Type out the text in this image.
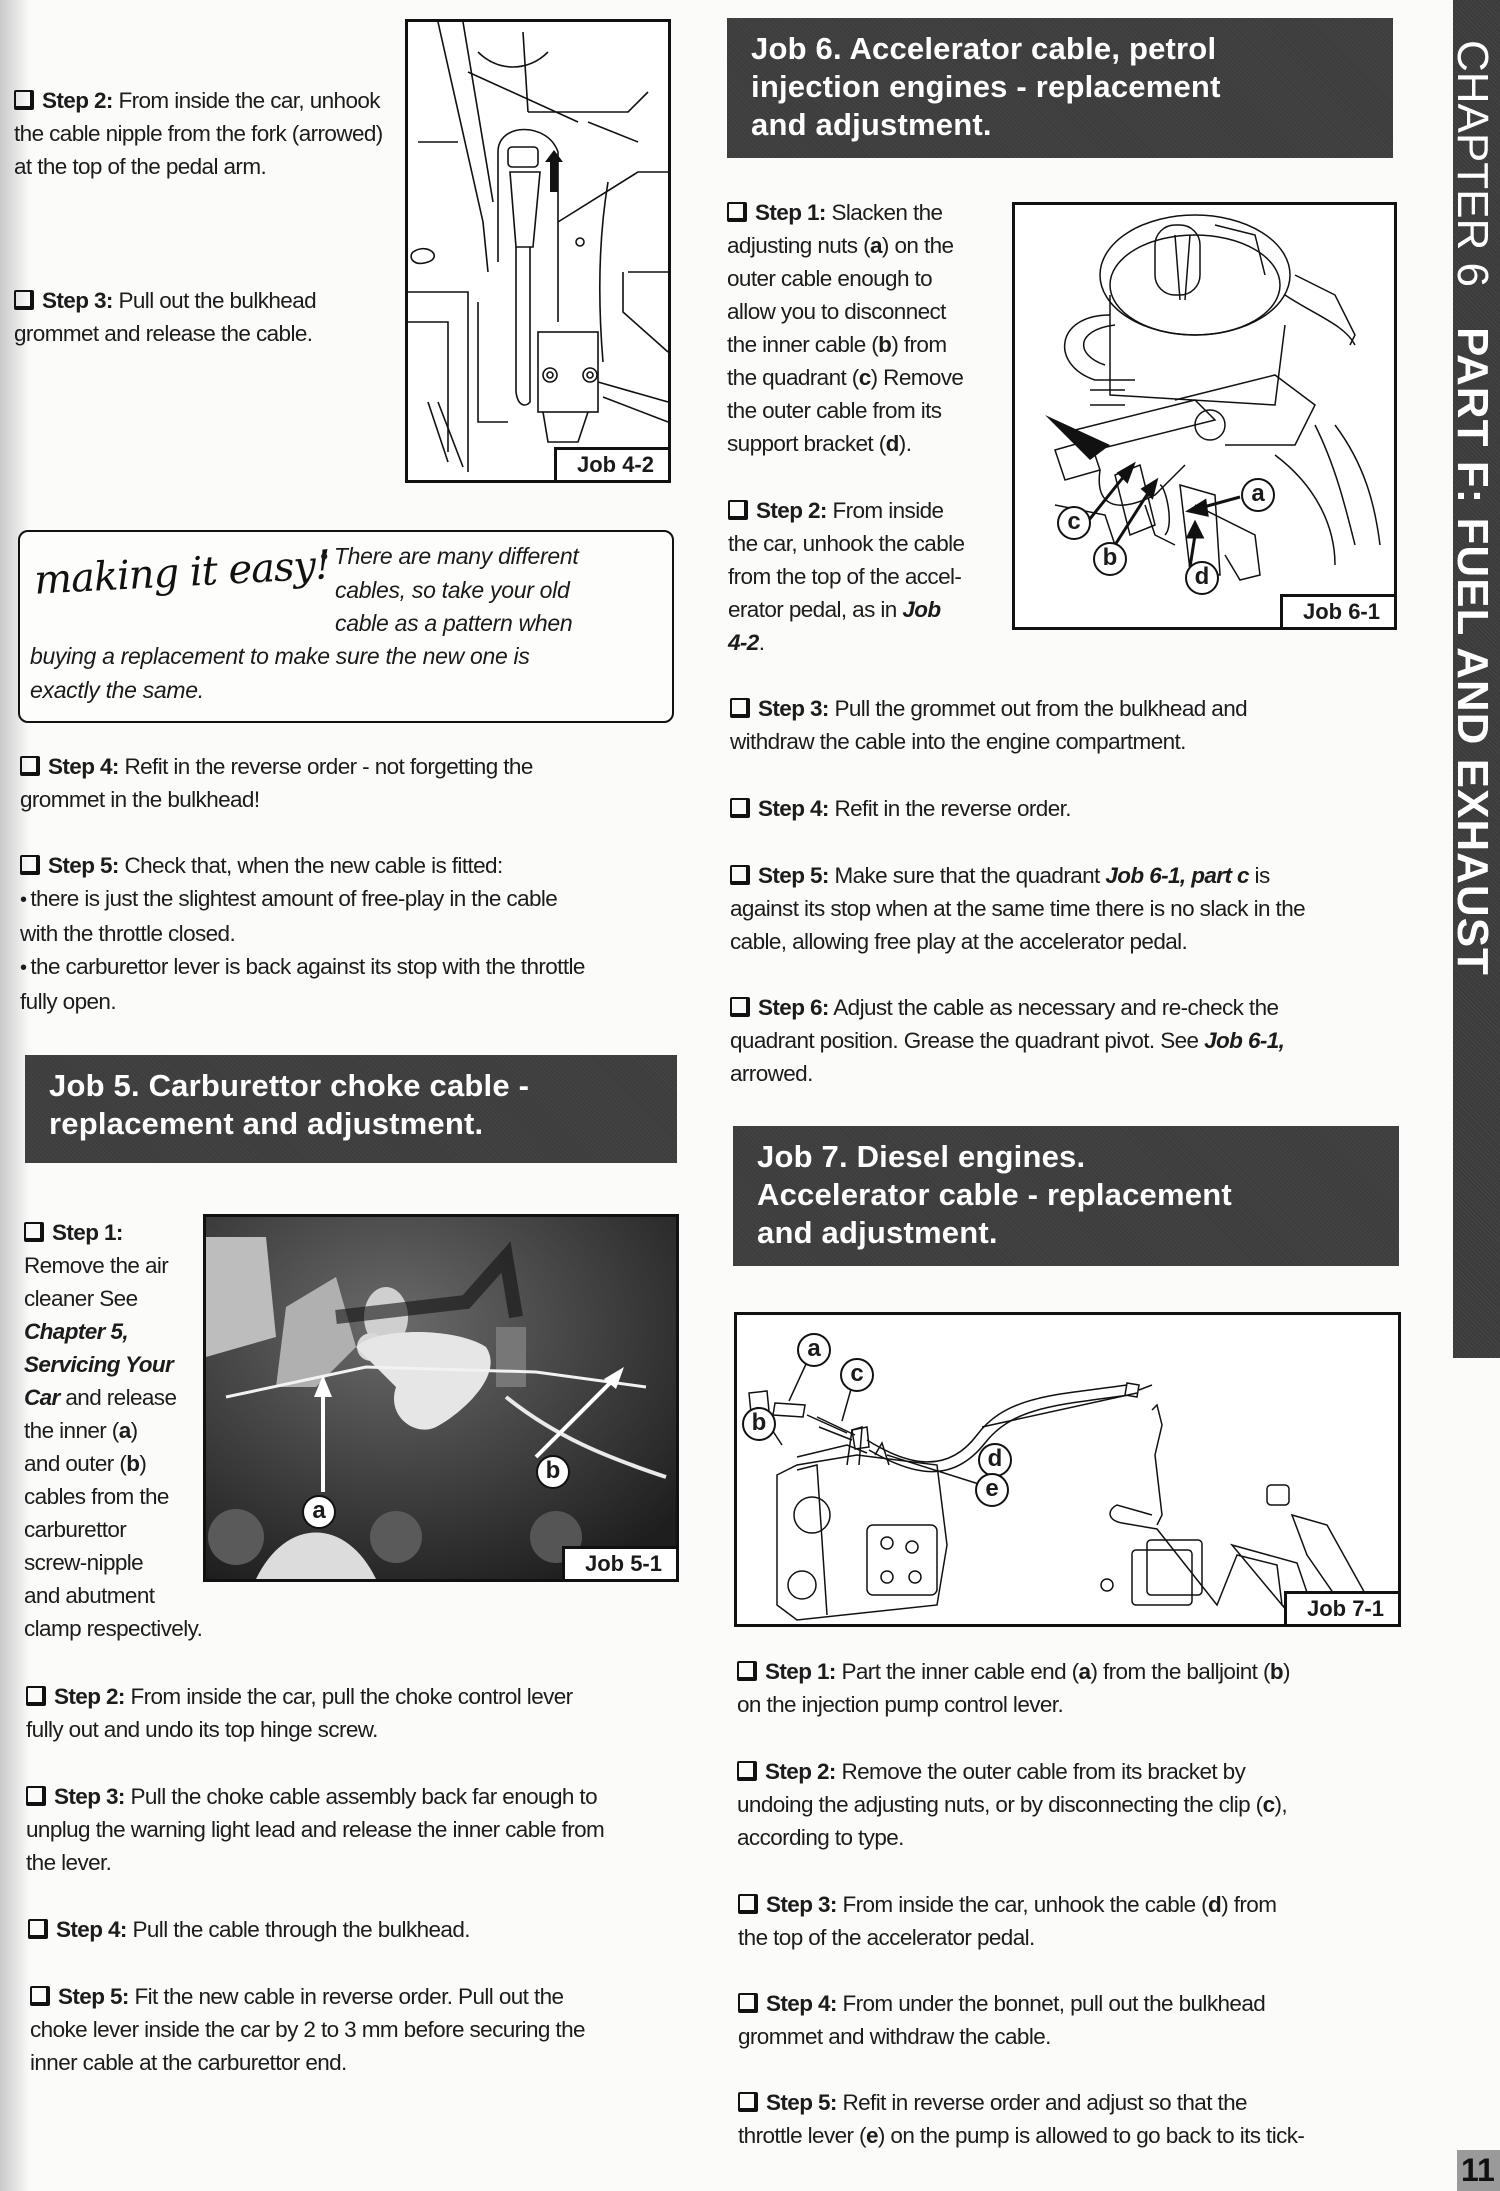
Step 2: From inside the car, unhook the cable nipple from the fork (arrowed) at the top of the pedal arm.
Step 3: Pull out the bulkhead grommet and release the cable.
Job 4-2
making it easy!
• There are many different
cables, so take your old
cable as a pattern when
buying a replacement to make sure the new one is
exactly the same.
Step 4: Refit in the reverse order - not forgetting the
grommet in the bulkhead!
Step 5: Check that, when the new cable is fitted:
• there is just the slightest amount of free-play in the cable
with the throttle closed.
• the carburettor lever is back against its stop with the throttle
fully open.
Job 5. Carburettor choke cable -
replacement and adjustment.
Step 1:
Remove the air
cleaner See
Chapter 5,
Servicing Your
Car and release
the inner (a)
and outer (b)
cables from the
carburettor
screw-nipple
and abutment
clamp respectively.
a
b
Job 5-1
Step 2: From inside the car, pull the choke control lever
fully out and undo its top hinge screw.
Step 3: Pull the choke cable assembly back far enough to
unplug the warning light lead and release the inner cable from
the lever.
Step 4: Pull the cable through the bulkhead.
Step 5: Fit the new cable in reverse order. Pull out the
choke lever inside the car by 2 to 3 mm before securing the
inner cable at the carburettor end.
Job 6. Accelerator cable, petrol
injection engines - replacement
and adjustment.
Step 1: Slacken the
adjusting nuts (a) on the
outer cable enough to
allow you to disconnect
the inner cable (b) from
the quadrant (c) Remove
the outer cable from its
support bracket (d).
Step 2: From inside
the car, unhook the cable
from the top of the accel-
erator pedal, as in Job
4-2.
a
b
c
d
Job 6-1
Step 3: Pull the grommet out from the bulkhead and
withdraw the cable into the engine compartment.
Step 4: Refit in the reverse order.
Step 5: Make sure that the quadrant Job 6-1, part c is
against its stop when at the same time there is no slack in the
cable, allowing free play at the accelerator pedal.
Step 6: Adjust the cable as necessary and re-check the
quadrant position. Grease the quadrant pivot. See Job 6-1,
arrowed.
Job 7. Diesel engines.
Accelerator cable - replacement
and adjustment.
a
b
c
d
e
Job 7-1
Step 1: Part the inner cable end (a) from the balljoint (b)
on the injection pump control lever.
Step 2: Remove the outer cable from its bracket by
undoing the adjusting nuts, or by disconnecting the clip (c),
according to type.
Step 3: From inside the car, unhook the cable (d) from
the top of the accelerator pedal.
Step 4: From under the bonnet, pull out the bulkhead
grommet and withdraw the cable.
Step 5: Refit in reverse order and adjust so that the
throttle lever (e) on the pump is allowed to go back to its tick-
CHAPTER 6PART F: FUEL AND EXHAUST
11
